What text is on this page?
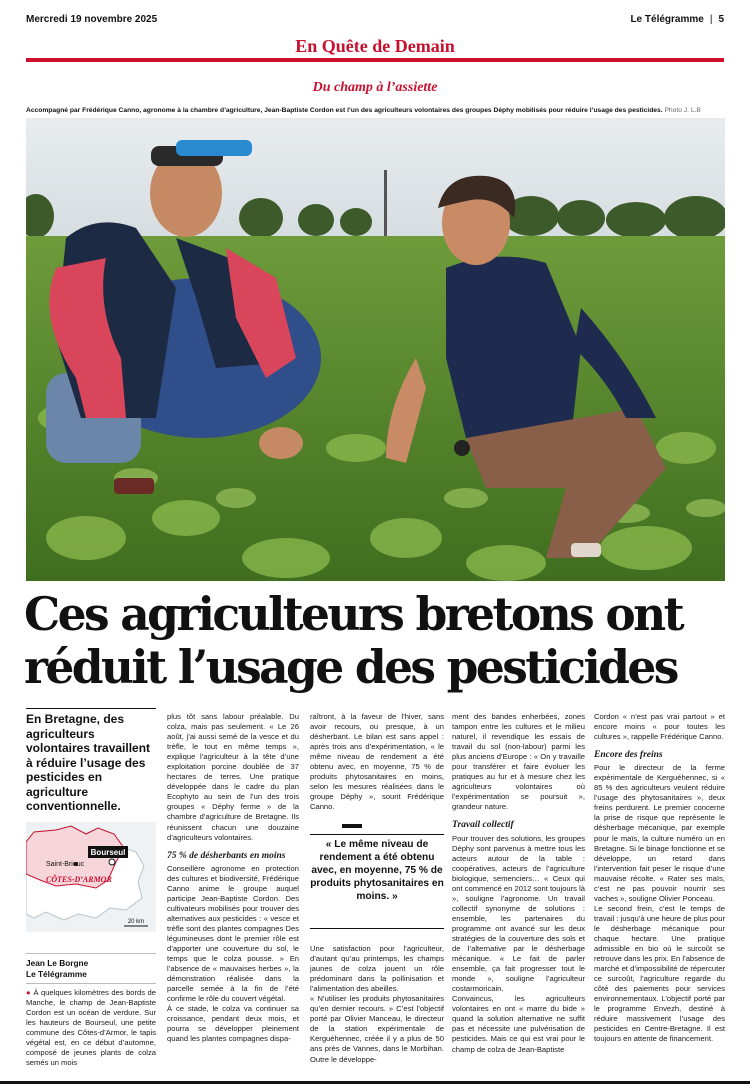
Mercredi 19 novembre 2025	Le Télégramme | 5
En Quête de Demain
Du champ à l’assiette
Accompagné par Frédérique Canno, agronome à la chambre d’agriculture, Jean-Baptiste Cordon est l’un des agriculteurs volontaires des groupes Déphy mobilisés pour réduire l’usage des pesticides. Photo J. L.B
Ces agriculteurs bretons ont
réduit l’usage des pesticides
En Bretagne, des agriculteurs volontaires travaillent à réduire l’usage des pesticides en agriculture conventionnelle.
Bourseul
Saint-Brieuc
CÔTES-D’ARMOR
20 km
Jean Le Borgne
Le Télégramme
● À quelques kilomètres des bords de Manche, le champ de Jean-Baptiste Cordon est un océan de verdure. Sur les hauteurs de Bourseul, une petite commune des Côtes-d’Armor, le tapis végétal est, en ce début d’automne, composé de jeunes plants de colza semés un mois

plus tôt sans labour préalable. Du colza, mais pas seulement. « Le 26 août, j’ai aussi semé de la vesce et du trèfle, le tout en même temps », explique l’agriculteur à la tête d’une exploitation porcine doublée de 37 hectares de terres. Une pratique développée dans le cadre du plan Ecophyto au sein de l’un des trois groupes « Déphy ferme » de la chambre d’agriculture de Bretagne. Ils réunissent chacun une douzaine d’agriculteurs volontaires.

75 % de désherbants en moins

Conseillère agronome en protection des cultures et biodiversité, Frédérique Canno anime le groupe auquel participe Jean-Baptiste Cordon. Des cultivateurs mobilisés pour trouver des alternatives aux pesticides : « vesce et trèfle sont des plantes compagnes Des légumineuses dont le premier rôle est d’apporter une couverture du sol, le temps que le colza pousse. » En l’absence de « mauvaises herbes », la démonstration réalisée dans la parcelle semée à la fin de l’été confirme le rôle du couvert végétal.

À ce stade, le colza va continuer sa croissance, pendant deux mois, et pourra se développer pleinement quand les plantes compagnes dispa-

raîtront, à la faveur de l’hiver, sans avoir recours, ou presque, à un désherbant. Le bilan est sans appel : après trois ans d’expérimentation, « le même niveau de rendement a été obtenu avec, en moyenne, 75 % de produits phytosanitaires en moins, selon les mesures réalisées dans le groupe Déphy », sourit Frédérique Canno.

« Le même niveau de rendement a été obtenu avec, en moyenne, 75 % de produits phytosanitaires en moins. »

Une satisfaction pour l’agriculteur, d’autant qu’au printemps, les champs jaunes de colza jouent un rôle prédominant dans la pollinisation et l’alimentation des abeilles.

« N’utiliser les produits phytosanitaires qu’en dernier recours. » C’est l’objectif porté par Olivier Manceau, le directeur de la station expérimentale de Kerguéhennec, créée il y a plus de 50 ans près de Vannes, dans le Morbihan. Outre le développe-

ment des bandes enherbées, zones tampon entre les cultures et le milieu naturel, il revendique les essais de travail du sol (non-labour) parmi les plus anciens d’Europe : « On y travaille pour transférer et faire évoluer les pratiques au fur et à mesure chez les agriculteurs volontaires où l’expérimentation se poursuit », grandeur nature.

Travail collectif

Pour trouver des solutions, les groupes Déphy sont parvenus à mettre tous les acteurs autour de la table : coopératives, acteurs de l’agriculture biologique, semenciers… « Ceux qui ont commencé en 2012 sont toujours là », souligne l’agronome. Un travail collectif synonyme de solutions : ensemble, les partenaires du programme ont avancé sur les deux stratégies de la couverture des sols et de l’alternative par le désherbage mécanique. « Le fait de parler ensemble, ça fait progresser tout le monde », souligne l’agriculteur costarmoricain.

Convaincus, les agriculteurs volontaires en ont « marre du bide » quand la solution alternative ne suffit pas et nécessite une pulvérisation de pesticides. Mais ce qui est vrai pour le champ de colza de Jean-Baptiste

Cordon « n’est pas vrai partout » et encore moins « pour toutes les cultures », rappelle Frédérique Canno.

Encore des freins

Pour le directeur de la ferme expérimentale de Kerguéhennec, si « 85 % des agriculteurs veulent réduire l’usage des phytosanitaires », deux freins perdurent. Le premier concerne la prise de risque que représente le désherbage mécanique, par exemple pour le maïs, la culture numéro un en Bretagne. Si le binage fonctionne et se développe, un retard dans l’intervention fait peser le risque d’une mauvaise récolte. « Rater ses maïs, c’est ne pas pouvoir nourrir ses vaches », souligne Olivier Ponceau.

Le second frein, c’est le temps de travail : jusqu’à une heure de plus pour le désherbage mécanique pour chaque hectare. Une pratique admissible en bio où le surcoût se retrouve dans les prix. En l’absence de marché et d’impossibilité de répercuter ce surcoût, l’agriculture regarde du côté des paiements pour services environnementaux. L’objectif porté par le programme Envezh, destiné à réduire massivement l’usage des pesticides en Centre-Bretagne. Il est toujours en attente de financement.
